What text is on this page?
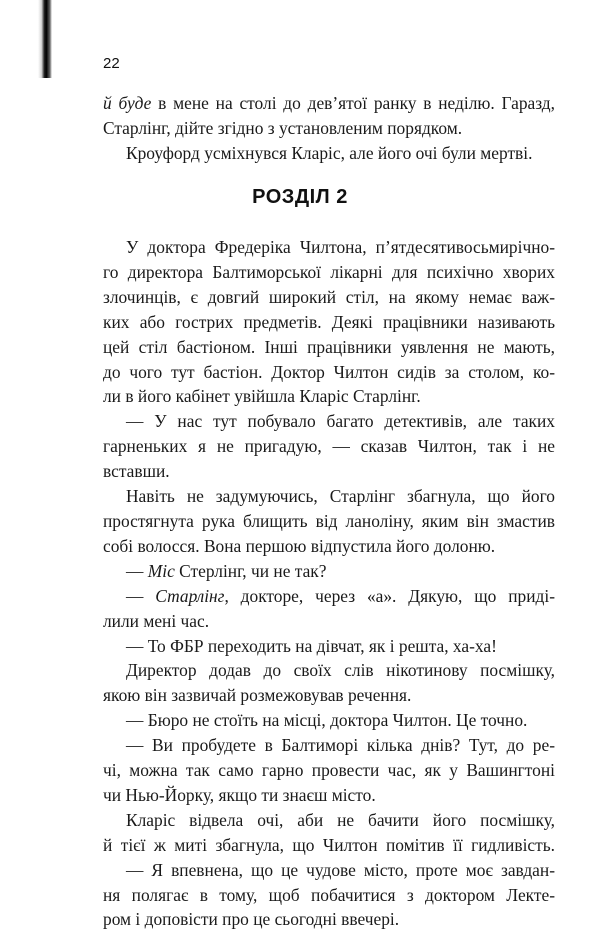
22
й буде в мене на столі до дев’ятої ранку в неділю. Гаразд,
Старлінг, дійте згідно з установленим порядком.
Кроуфорд усміхнувся Кларіс, але його очі були мертві.
РОЗДІЛ 2
У доктора Фредеріка Чилтона, п’ятдесятивосьмирічно-
го директора Балтиморської лікарні для психічно хворих
злочинців, є довгий широкий стіл, на якому немає важ-
ких або гострих предметів. Деякі працівники називають
цей стіл бастіоном. Інші працівники уявлення не мають,
до чого тут бастіон. Доктор Чилтон сидів за столом, ко-
ли в його кабінет увійшла Кларіс Старлінг.
— У нас тут побувало багато детективів, але таких
гарненьких я не пригадую, — сказав Чилтон, так і не
вставши.
Навіть не задумуючись, Старлінг збагнула, що його
простягнута рука блищить від ланоліну, яким він змастив
собі волосся. Вона першою відпустила його долоню.
— Міс Стерлінг, чи не так?
— Старлінг, докторе, через «а». Дякую, що приді-
лили мені час.
— То ФБР переходить на дівчат, як і решта, ха-ха!
Директор додав до своїх слів нікотинову посмішку,
якою він зазвичай розмежовував речення.
— Бюро не стоїть на місці, доктора Чилтон. Це точно.
— Ви пробудете в Балтиморі кілька днів? Тут, до ре-
чі, можна так само гарно провести час, як у Вашингтоні
чи Нью-Йорку, якщо ти знаєш місто.
Кларіс відвела очі, аби не бачити його посмішку,
й тієї ж миті збагнула, що Чилтон помітив її гидливість.
— Я впевнена, що це чудове місто, проте моє завдан-
ня полягає в тому, щоб побачитися з доктором Лекте-
ром і доповісти про це сьогодні ввечері.
